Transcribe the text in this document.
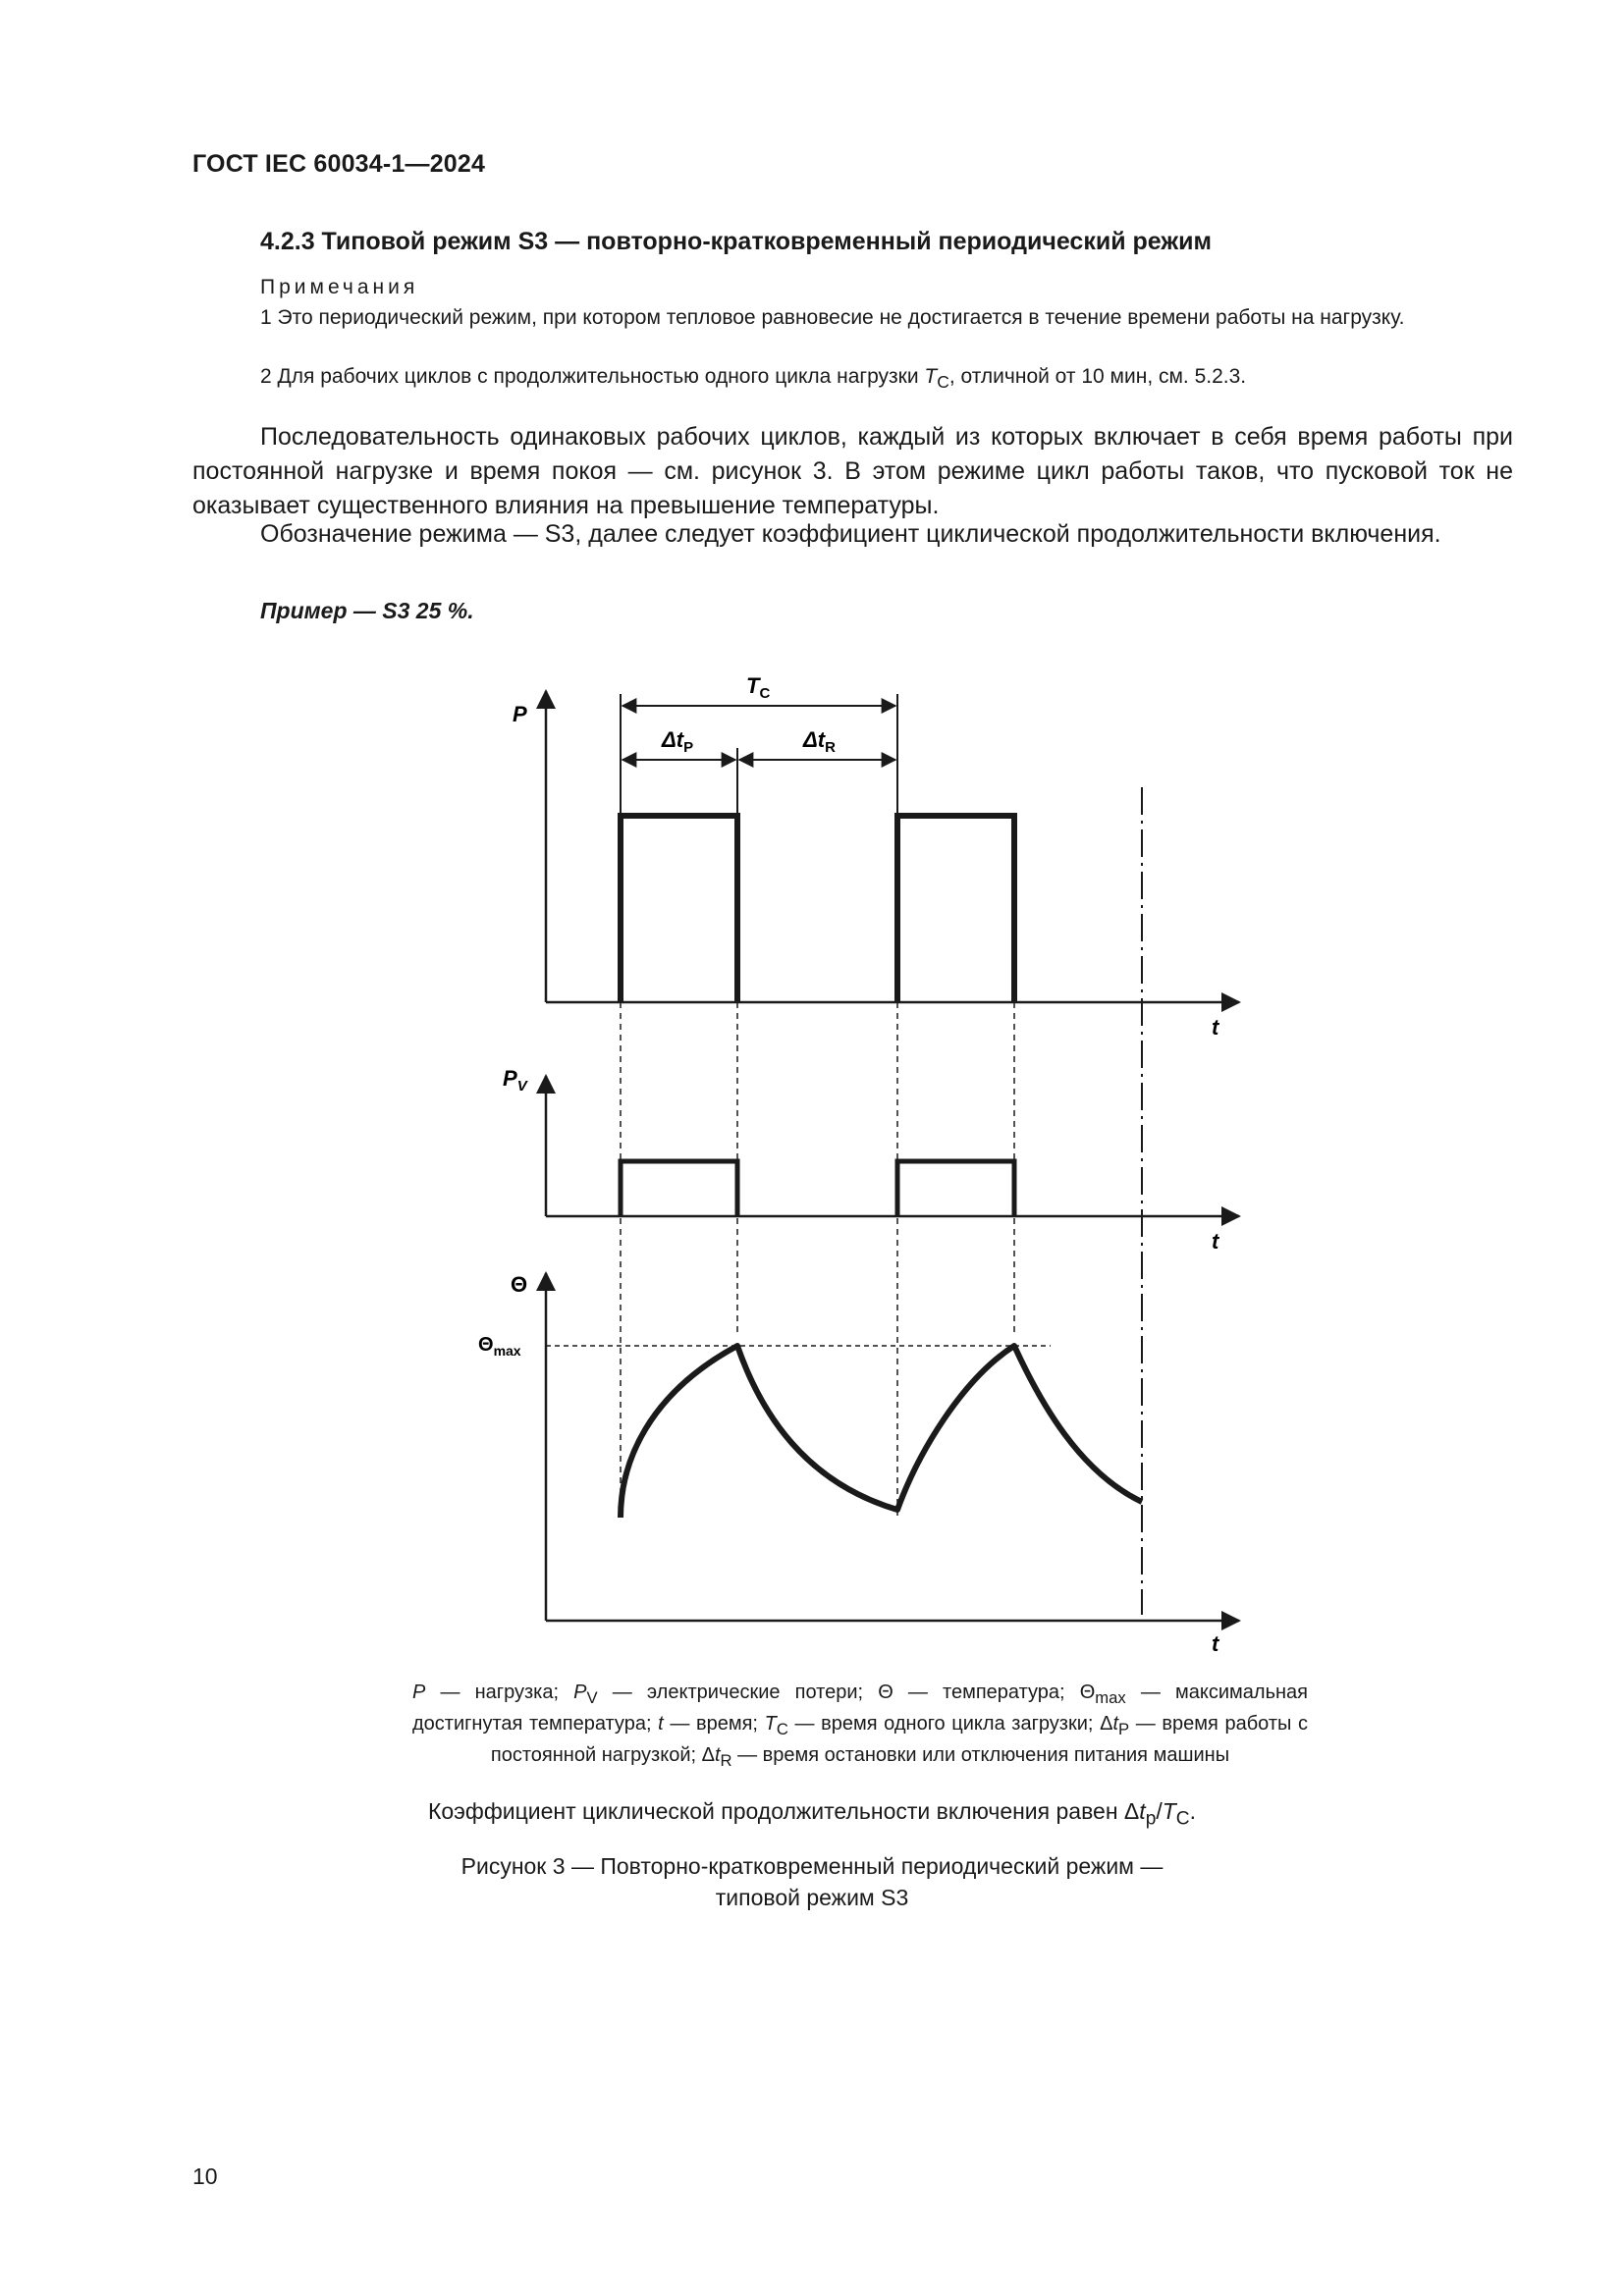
ГОСТ IEC 60034-1—2024
4.2.3 Типовой режим S3 — повторно-кратковременный периодический режим
Примечания
1 Это периодический режим, при котором тепловое равновесие не достигается в течение времени работы на нагрузку.
2 Для рабочих циклов с продолжительностью одного цикла нагрузки $T_C$, отличной от 10 мин, см. 5.2.3.
Последовательность одинаковых рабочих циклов, каждый из которых включает в себя время работы при постоянной нагрузке и время покоя — см. рисунок 3. В этом режиме цикл работы таков, что пусковой ток не оказывает существенного влияния на превышение температуры.
Обозначение режима — S3, далее следует коэффициент циклической продолжительности включения.
Пример — S3 25 %.
P
t
$T_C$
$\Delta t_P$	$\Delta t_R$
$P_V$
t
Θ
$\Theta_{max}$
t
P — нагрузка; $P_V$ — электрические потери; Θ — температура; $\Theta_{max}$ — максимальная достигнутая температура; t — время; $T_C$ — время одного цикла загрузки; $\Delta t_P$ — время работы с постоянной нагрузкой; $\Delta t_R$ — время остановки или отключения питания машины
Коэффициент циклической продолжительности включения равен $\Delta t_p/T_C$.
Рисунок 3 — Повторно-кратковременный периодический режим —
типовой режим S3
10
